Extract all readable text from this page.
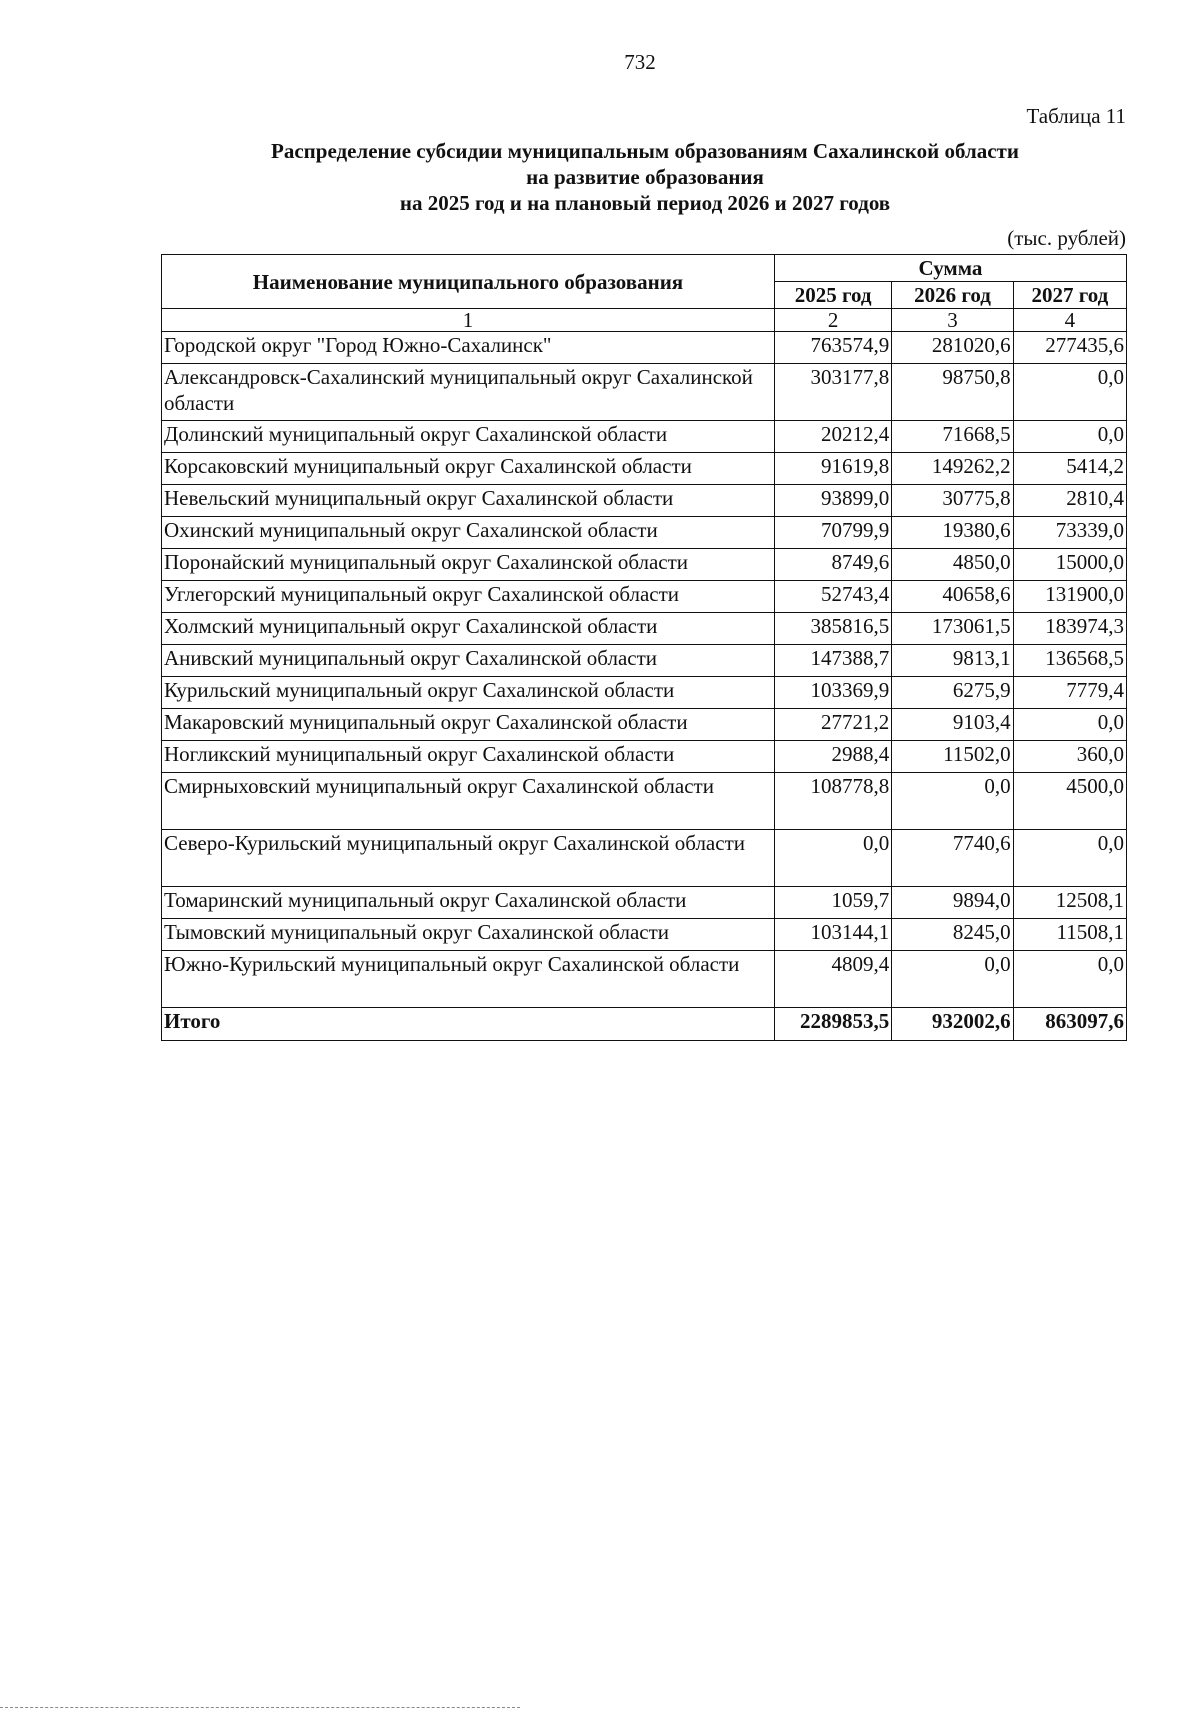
732
Таблица 11
Распределение субсидии муниципальным образованиям Сахалинской области
на развитие образования
на 2025 год и на плановый период 2026 и 2027 годов
(тыс. рублей)
Наименование муниципального образования	Сумма		
	2025 год	2026 год	2027 год
1	2	3	4
Городской округ "Город Южно-Сахалинск"	763574,9	281020,6	277435,6
Александровск-Сахалинский муниципальный округ Сахалинской области	303177,8	98750,8	0,0
Долинский муниципальный округ Сахалинской области	20212,4	71668,5	0,0
Корсаковский муниципальный округ Сахалинской области	91619,8	149262,2	5414,2
Невельский муниципальный округ Сахалинской области	93899,0	30775,8	2810,4
Охинский муниципальный округ Сахалинской области	70799,9	19380,6	73339,0
Поронайский муниципальный округ Сахалинской области	8749,6	4850,0	15000,0
Углегорский муниципальный округ Сахалинской области	52743,4	40658,6	131900,0
Холмский муниципальный округ Сахалинской области	385816,5	173061,5	183974,3
Анивский муниципальный округ Сахалинской области	147388,7	9813,1	136568,5
Курильский муниципальный округ Сахалинской области	103369,9	6275,9	7779,4
Макаровский муниципальный округ Сахалинской области	27721,2	9103,4	0,0
Ногликский муниципальный округ Сахалинской области	2988,4	11502,0	360,0
Смирныховский муниципальный округ Сахалинской области	108778,8	0,0	4500,0
Северо-Курильский муниципальный округ Сахалинской области	0,0	7740,6	0,0
Томаринский муниципальный округ Сахалинской области	1059,7	9894,0	12508,1
Тымовский муниципальный округ Сахалинской области	103144,1	8245,0	11508,1
Южно-Курильский муниципальный округ Сахалинской области	4809,4	0,0	0,0
Итого	2289853,5	932002,6	863097,6
